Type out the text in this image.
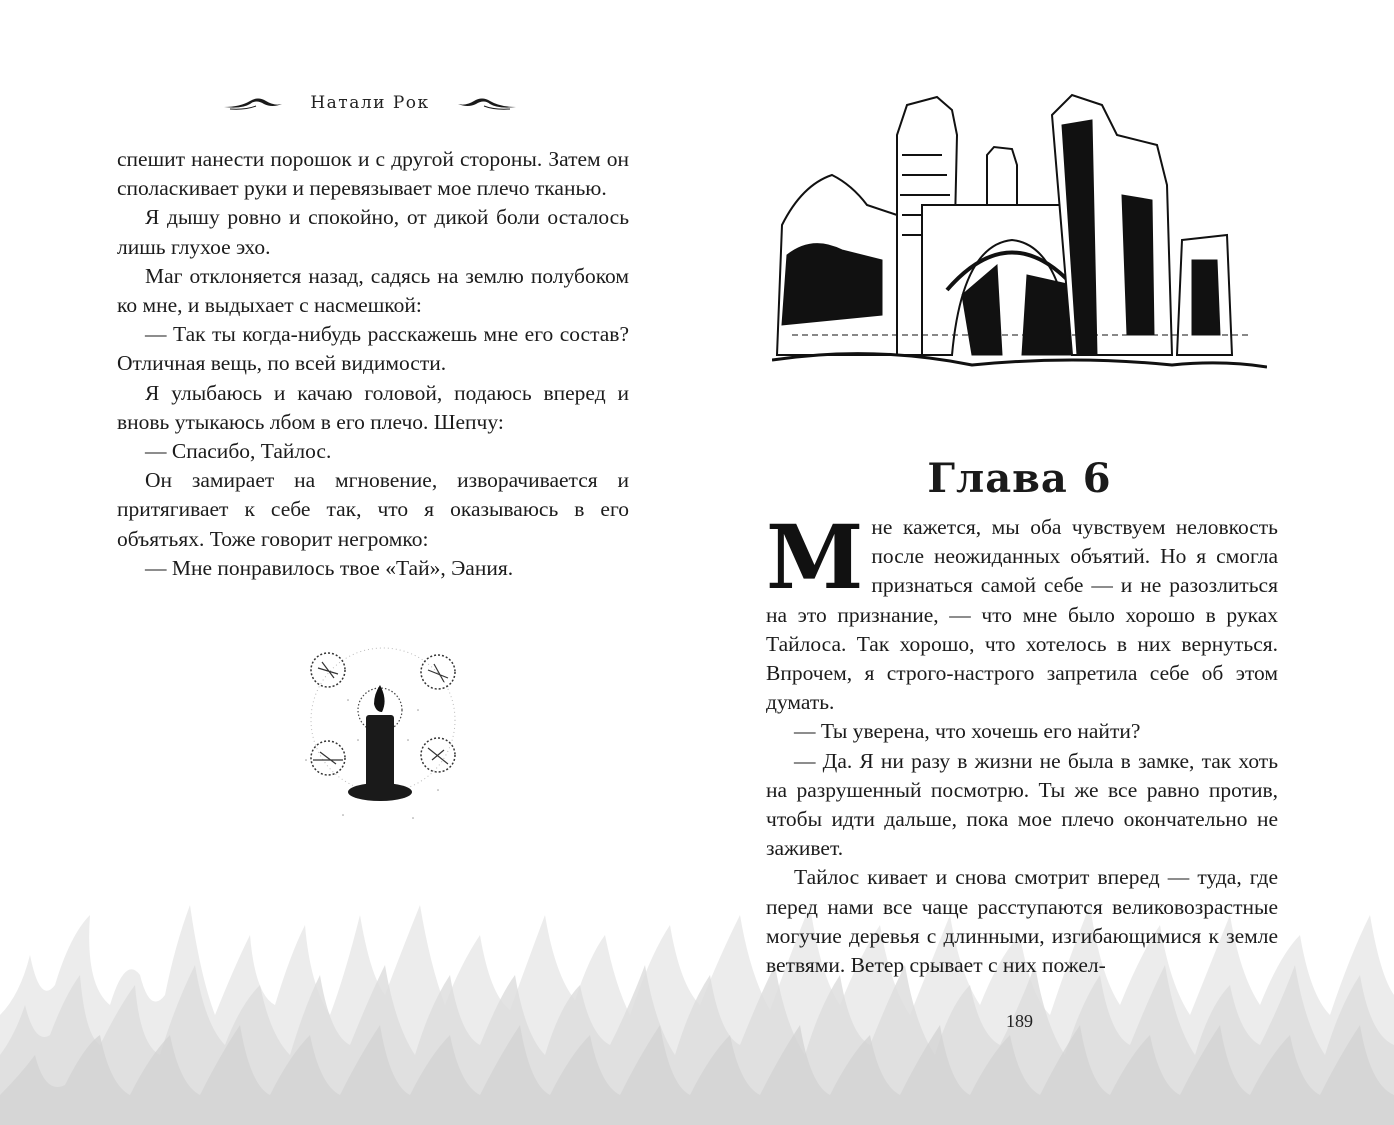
Натали Рок

спешит нанести порошок и с другой стороны. Затем он споласкивает руки и перевязывает мое плечо тканью.

Я дышу ровно и спокойно, от дикой боли осталось лишь глухое эхо.

Маг отклоняется назад, садясь на землю полубоком ко мне, и выдыхает с насмешкой:

— Так ты когда-нибудь расскажешь мне его состав? Отличная вещь, по всей видимости.

Я улыбаюсь и качаю головой, подаюсь вперед и вновь утыкаюсь лбом в его плечо. Шепчу:

— Спасибо, Тайлос.

Он замирает на мгновение, изворачивается и притягивает к себе так, что я оказываюсь в его объятьях. Тоже говорит негромко:

— Мне понравилось твое «Тай», Эания.

Глава 6

Мне кажется, мы оба чувствуем неловкость после неожиданных объятий. Но я смогла признаться самой себе — и не разозлиться на это признание, — что мне было хорошо в руках Тайлоса. Так хорошо, что хотелось в них вернуться. Впрочем, я строго-настрого запретила себе об этом думать.

— Ты уверена, что хочешь его найти?

— Да. Я ни разу в жизни не была в замке, так хоть на разрушенный посмотрю. Ты же все равно против, чтобы идти дальше, пока мое плечо окончательно не заживет.

Тайлос кивает и снова смотрит вперед — туда, где перед нами все чаще расступаются великовозрастные могучие деревья с длинными, изгибающимися к земле ветвями. Ветер срывает с них пожел-

189
